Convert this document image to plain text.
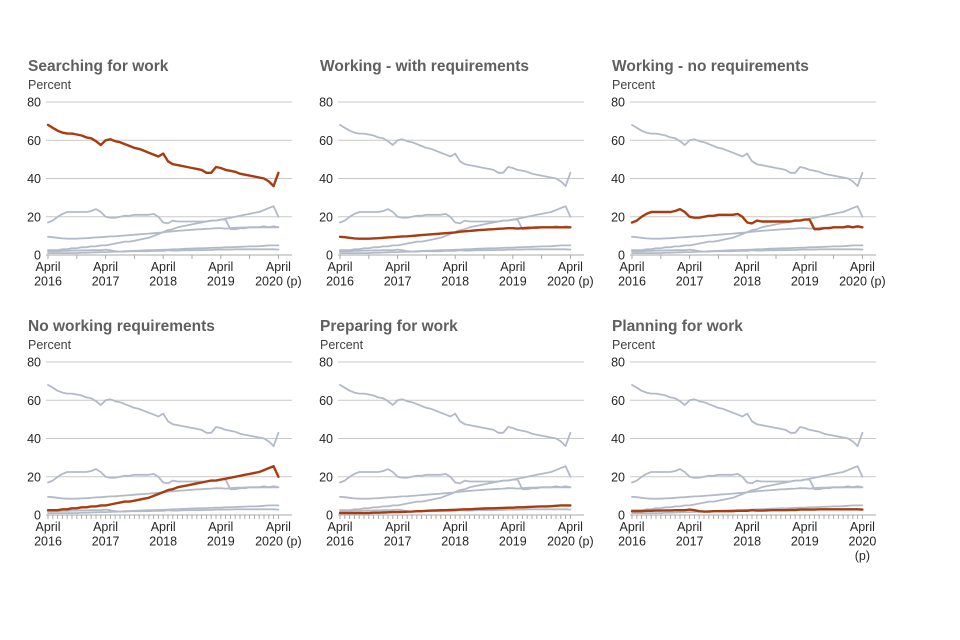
Searching for work
Percent
0
20
40
60
80
April
2016
April
2017
April
2018
April
2019
April
2020 (p)
Working - with requirements
0
20
40
60
80
April
2016
April
2017
April
2018
April
2019
April
2020 (p)
Working - no requirements
Percent
0
20
40
60
80
April
2016
April
2017
April
2018
April
2019
April
2020 (p)
No working requirements
Percent
0
20
40
60
80
April
2016
April
2017
April
2018
April
2019
April
2020 (p)
Preparing for work
Percent
0
20
40
60
80
April
2016
April
2017
April
2018
April
2019
April
2020 (p)
Planning for work
Percent
0
20
40
60
80
April
2016
April
2017
April
2018
April
2019
April
2020
(p)
